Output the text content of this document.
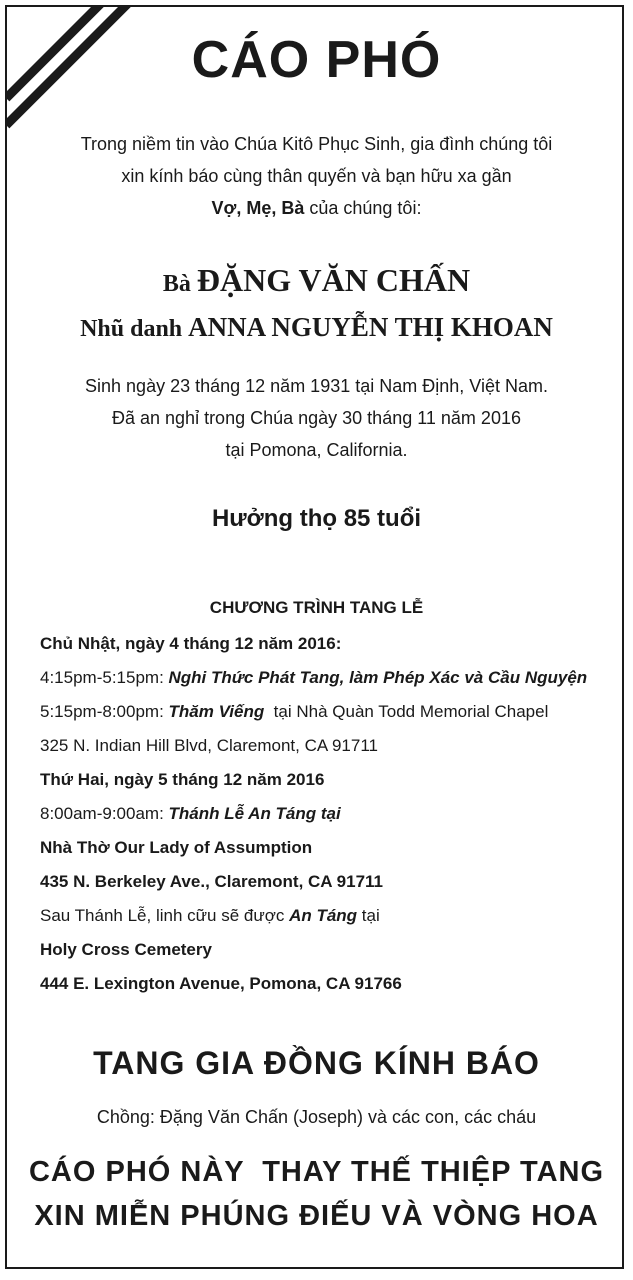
CÁO PHÓ
Trong niềm tin vào Chúa Kitô Phục Sinh, gia đình chúng tôi
xin kính báo cùng thân quyến và bạn hữu xa gần
Vợ, Mẹ, Bà của chúng tôi:
Bà ĐẶNG VĂN CHẤN
Nhũ danh ANNA NGUYỄN THỊ KHOAN
Sinh ngày 23 tháng 12 năm 1931 tại Nam Định, Việt Nam.
Đã an nghỉ trong Chúa ngày 30 tháng 11 năm 2016
tại Pomona, California.
Hưởng thọ 85 tuổi
CHƯƠNG TRÌNH TANG LỄ
Chủ Nhật, ngày 4 tháng 12 năm 2016:
4:15pm-5:15pm: Nghi Thức Phát Tang, làm Phép Xác và Cầu Nguyện
5:15pm-8:00pm: Thăm Viếng  tại Nhà Quàn Todd Memorial Chapel
325 N. Indian Hill Blvd, Claremont, CA 91711
Thứ Hai, ngày 5 tháng 12 năm 2016
8:00am-9:00am: Thánh Lễ An Táng tại
Nhà Thờ Our Lady of Assumption
435 N. Berkeley Ave., Claremont, CA 91711
Sau Thánh Lễ, linh cữu sẽ được An Táng tại
Holy Cross Cemetery
444 E. Lexington Avenue, Pomona, CA 91766
TANG GIA ĐỒNG KÍNH BÁO
Chồng: Đặng Văn Chấn (Joseph) và các con, các cháu
CÁO PHÓ NÀY  THAY THẾ THIỆP TANG
XIN MIỄN PHÚNG ĐIẾU VÀ VÒNG HOA
